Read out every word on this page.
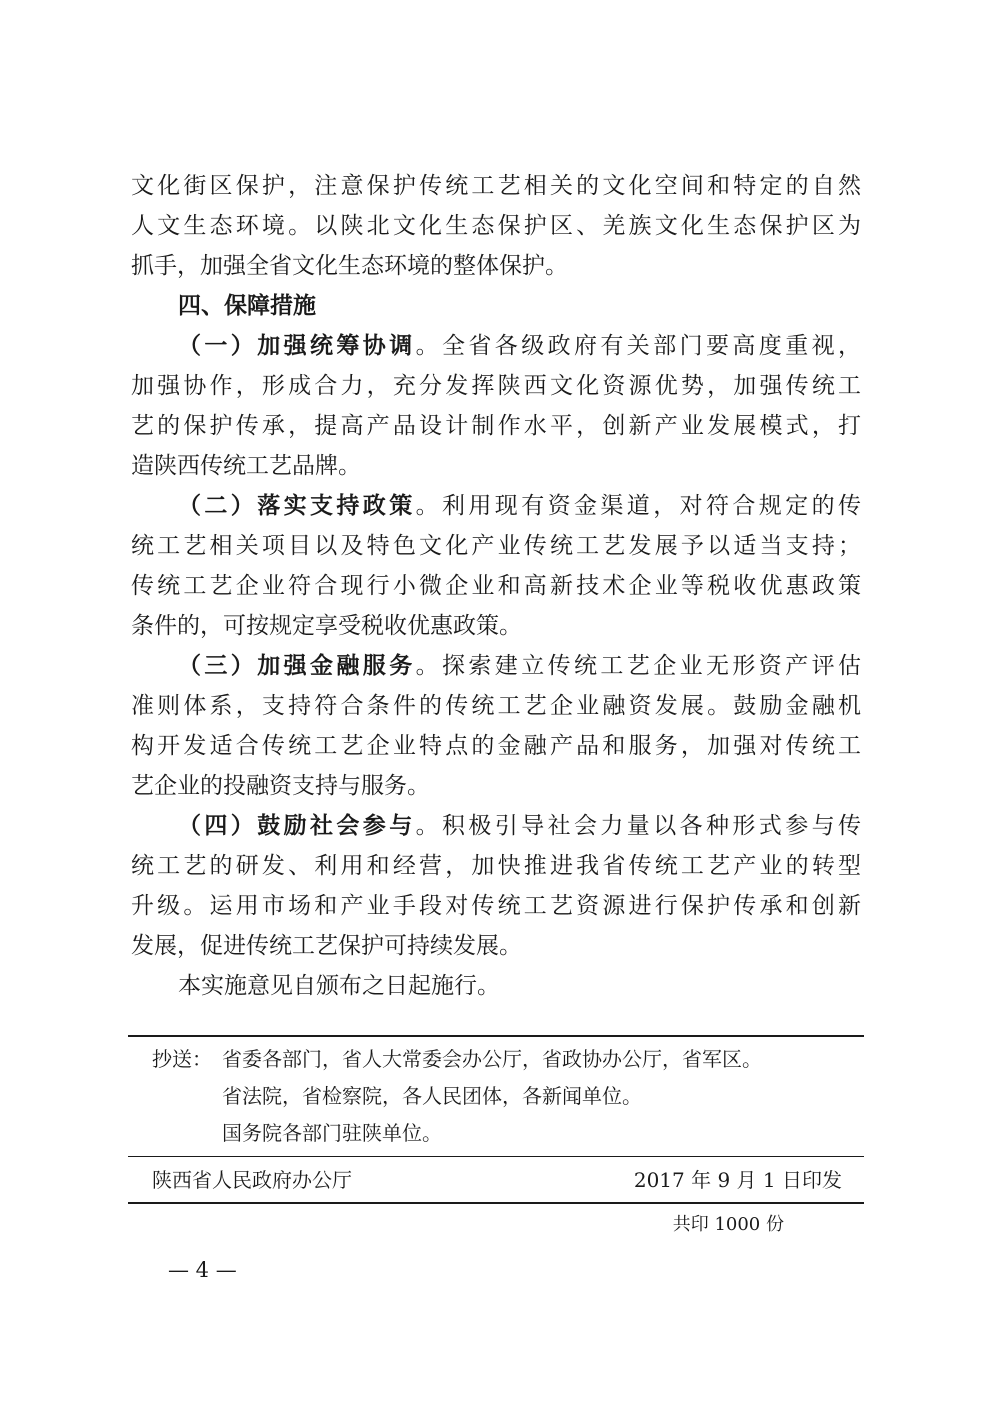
文化街区保护，注意保护传统工艺相关的文化空间和特定的自然
人文生态环境。以陕北文化生态保护区、羌族文化生态保护区为
抓手，加强全省文化生态环境的整体保护。
四、保障措施
（一）加强统筹协调。全省各级政府有关部门要高度重视，
加强协作，形成合力，充分发挥陕西文化资源优势，加强传统工
艺的保护传承，提高产品设计制作水平，创新产业发展模式，打
造陕西传统工艺品牌。
（二）落实支持政策。利用现有资金渠道，对符合规定的传
统工艺相关项目以及特色文化产业传统工艺发展予以适当支持；
传统工艺企业符合现行小微企业和高新技术企业等税收优惠政策
条件的，可按规定享受税收优惠政策。
（三）加强金融服务。探索建立传统工艺企业无形资产评估
准则体系，支持符合条件的传统工艺企业融资发展。鼓励金融机
构开发适合传统工艺企业特点的金融产品和服务，加强对传统工
艺企业的投融资支持与服务。
（四）鼓励社会参与。积极引导社会力量以各种形式参与传
统工艺的研发、利用和经营，加快推进我省传统工艺产业的转型
升级。运用市场和产业手段对传统工艺资源进行保护传承和创新
发展，促进传统工艺保护可持续发展。
本实施意见自颁布之日起施行。
抄送： 省委各部门，省人大常委会办公厅，省政协办公厅，省军区。
省法院，省检察院，各人民团体，各新闻单位。
国务院各部门驻陕单位。
陕西省人民政府办公厅	2017 年 9 月 1 日印发
共印 1000 份
— 4 —
